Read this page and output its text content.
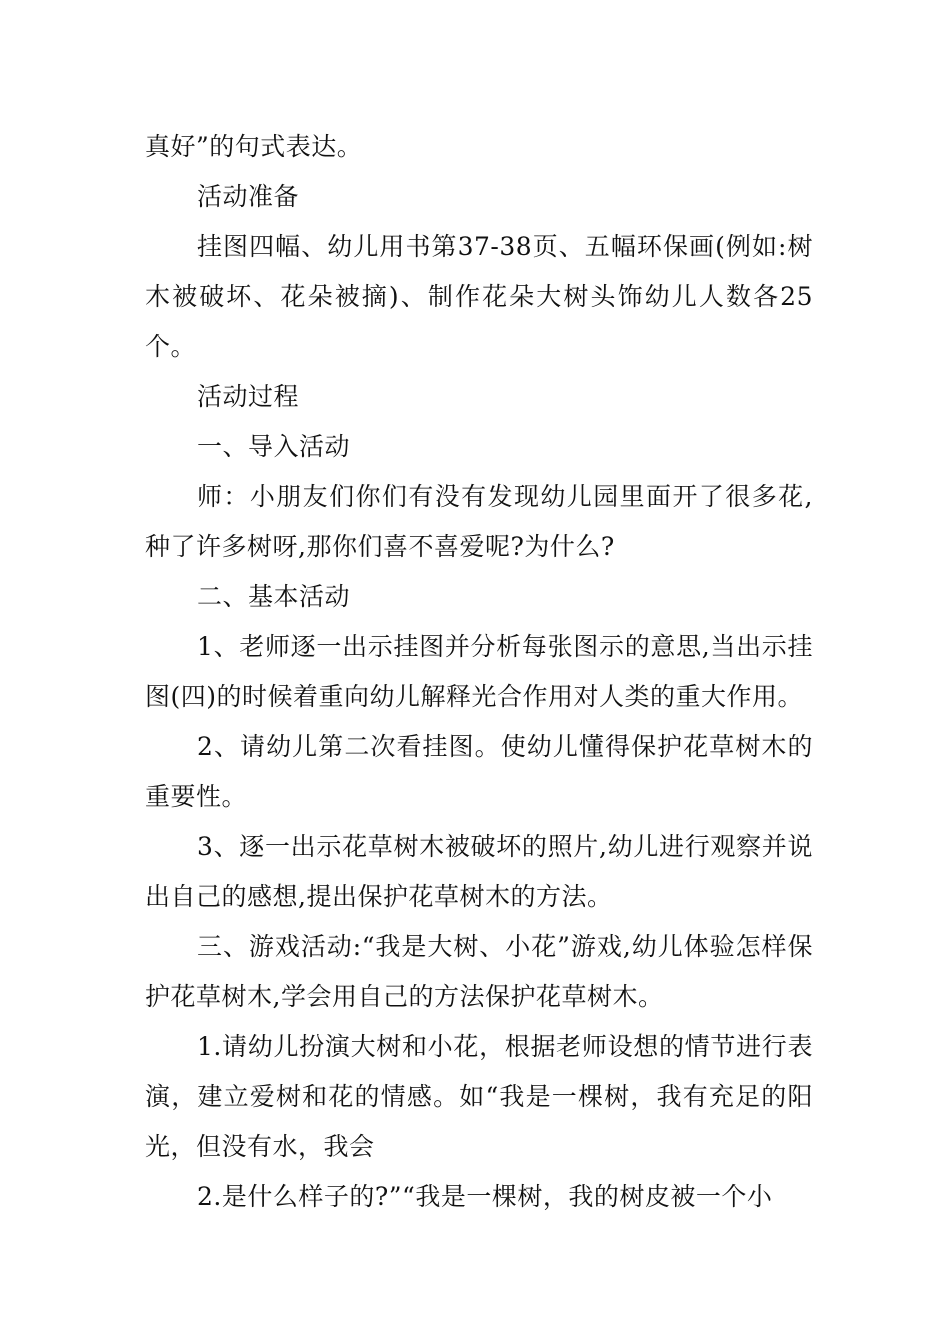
真好”的句式表达。

活动准备

挂图四幅、幼儿用书第37-38页、五幅环保画(例如:树木被破坏、花朵被摘)、制作花朵大树头饰幼儿人数各25个。

活动过程

一、导入活动

师：小朋友们你们有没有发现幼儿园里面开了很多花,种了许多树呀,那你们喜不喜爱呢?为什么?

二、基本活动

1、老师逐一出示挂图并分析每张图示的意思,当出示挂图(四)的时候着重向幼儿解释光合作用对人类的重大作用。

2、请幼儿第二次看挂图。使幼儿懂得保护花草树木的重要性。

3、逐一出示花草树木被破坏的照片,幼儿进行观察并说出自己的感想,提出保护花草树木的方法。

三、游戏活动:“我是大树、小花”游戏,幼儿体验怎样保护花草树木,学会用自己的方法保护花草树木。

1.请幼儿扮演大树和小花，根据老师设想的情节进行表演，建立爱树和花的情感。如“我是一棵树，我有充足的阳光，但没有水，我会

2.是什么样子的?”“我是一棵树，我的树皮被一个小
